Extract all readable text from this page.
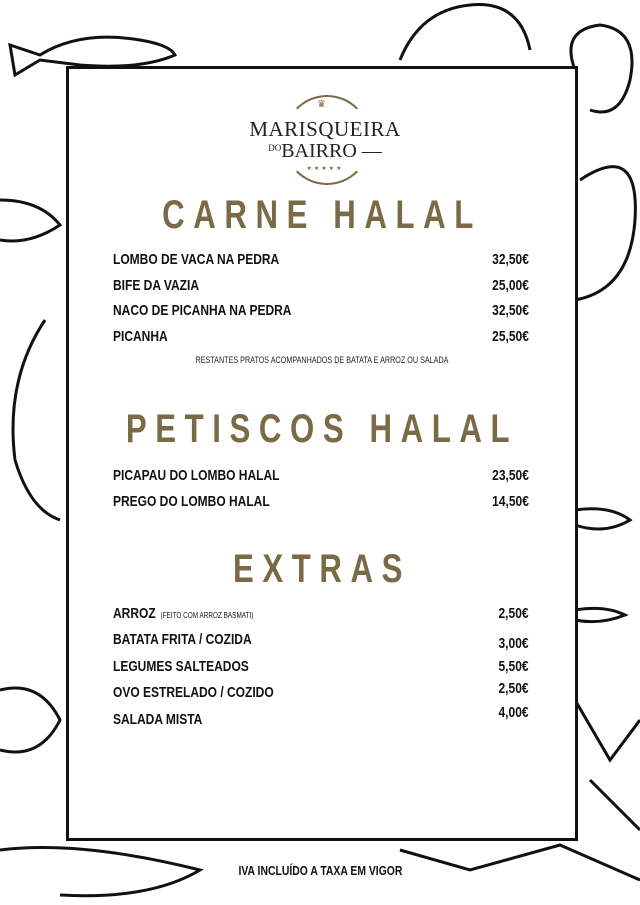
♛
MARISQUEIRA
$^{DO}$BAIRRO —
★★★★★
CARNE HALAL
LOMBO DE VACA NA PEDRA	32,50€
BIFE DA VAZIA	25,00€
NACO DE PICANHA NA PEDRA	32,50€
PICANHA	25,50€
RESTANTES PRATOS ACOMPANHADOS DE BATATA E ARROZ OU SALADA
PETISCOS HALAL
PICAPAU DO LOMBO HALAL	23,50€
PREGO DO LOMBO HALAL	14,50€
EXTRAS
ARROZ (FEITO COM ARROZ BASMATI)	2,50€
BATATA FRITA / COZIDA	3,00€
LEGUMES SALTEADOS	5,50€
OVO ESTRELADO / COZIDO	2,50€
SALADA MISTA	4,00€
IVA INCLUÍDO A TAXA EM VIGOR
